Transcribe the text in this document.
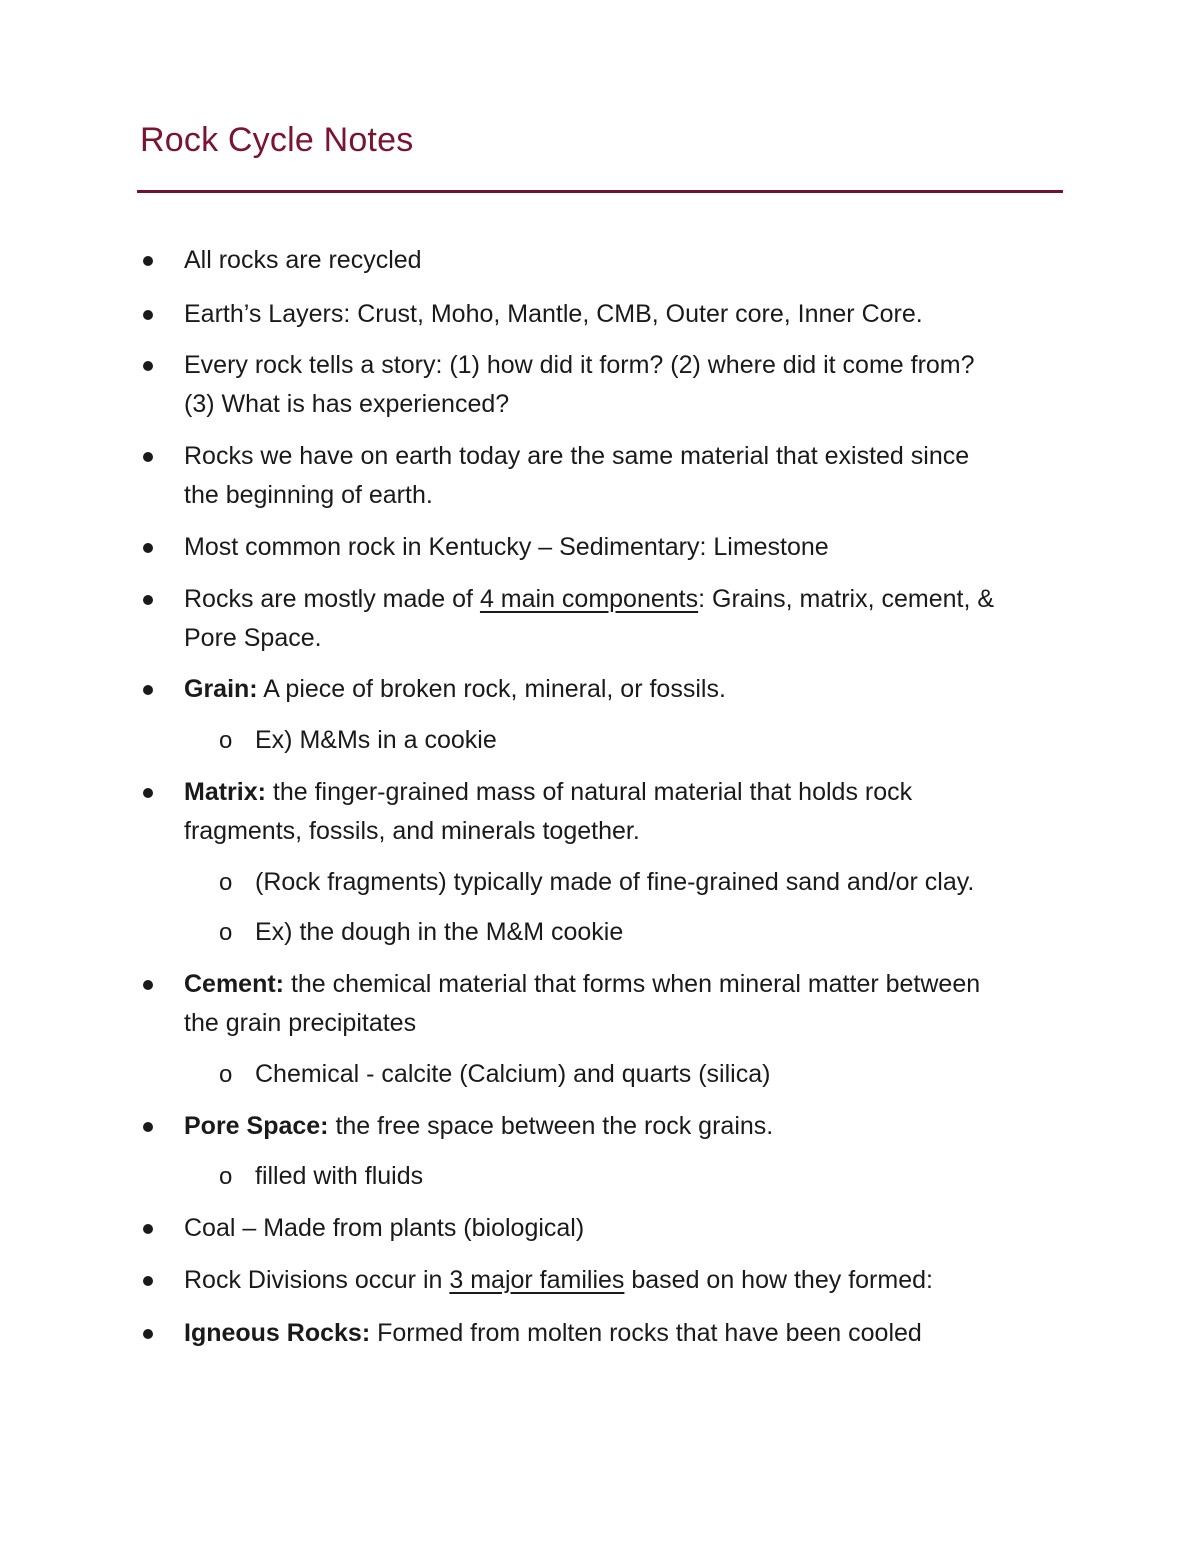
Rock Cycle Notes
All rocks are recycled
Earth’s Layers: Crust, Moho, Mantle, CMB, Outer core, Inner Core.
Every rock tells a story: (1) how did it form? (2) where did it come from?
(3) What is has experienced?
Rocks we have on earth today are the same material that existed since
the beginning of earth.
Most common rock in Kentucky – Sedimentary: Limestone
Rocks are mostly made of 4 main components: Grains, matrix, cement, &
Pore Space.
Grain: A piece of broken rock, mineral, or fossils.
o Ex) M&Ms in a cookie
Matrix: the finger-grained mass of natural material that holds rock
fragments, fossils, and minerals together.
o (Rock fragments) typically made of fine-grained sand and/or clay.
o Ex) the dough in the M&M cookie
Cement: the chemical material that forms when mineral matter between
the grain precipitates
o Chemical - calcite (Calcium) and quarts (silica)
Pore Space: the free space between the rock grains.
o filled with fluids
Coal – Made from plants (biological)
Rock Divisions occur in 3 major families based on how they formed:
Igneous Rocks: Formed from molten rocks that have been cooled
